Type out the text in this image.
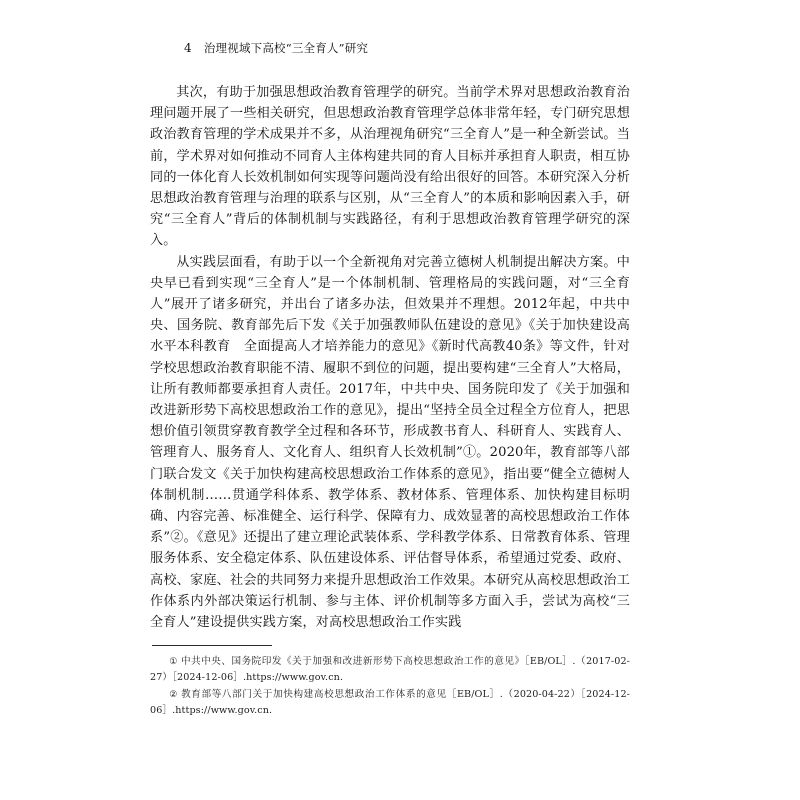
4 治理视域下高校“三全育人”研究

其次，有助于加强思想政治教育管理学的研究。当前学术界对思想政治教育治理问题开展了一些相关研究，但思想政治教育管理学总体非常年轻，专门研究思想政治教育管理的学术成果并不多，从治理视角研究“三全育人”是一种全新尝试。当前，学术界对如何推动不同育人主体构建共同的育人目标并承担育人职责，相互协同的一体化育人长效机制如何实现等问题尚没有给出很好的回答。本研究深入分析思想政治教育管理与治理的联系与区别，从“三全育人”的本质和影响因素入手，研究“三全育人”背后的体制机制与实践路径，有利于思想政治教育管理学研究的深入。

从实践层面看，有助于以一个全新视角对完善立德树人机制提出解决方案。中央早已看到实现“三全育人”是一个体制机制、管理格局的实践问题，对“三全育人”展开了诸多研究，并出台了诸多办法，但效果并不理想。2012年起，中共中央、国务院、教育部先后下发《关于加强教师队伍建设的意见》《关于加快建设高水平本科教育　全面提高人才培养能力的意见》《新时代高教40条》等文件，针对学校思想政治教育职能不清、履职不到位的问题，提出要构建“三全育人”大格局，让所有教师都要承担育人责任。2017年，中共中央、国务院印发了《关于加强和改进新形势下高校思想政治工作的意见》，提出“坚持全员全过程全方位育人，把思想价值引领贯穿教育教学全过程和各环节，形成教书育人、科研育人、实践育人、管理育人、服务育人、文化育人、组织育人长效机制”①。2020年，教育部等八部门联合发文《关于加快构建高校思想政治工作体系的意见》，指出要“健全立德树人体制机制……贯通学科体系、教学体系、教材体系、管理体系、加快构建目标明确、内容完善、标准健全、运行科学、保障有力、成效显著的高校思想政治工作体系”②。《意见》还提出了建立理论武装体系、学科教学体系、日常教育体系、管理服务体系、安全稳定体系、队伍建设体系、评估督导体系，希望通过党委、政府、高校、家庭、社会的共同努力来提升思想政治工作效果。本研究从高校思想政治工作体系内外部决策运行机制、参与主体、评价机制等多方面入手，尝试为高校“三全育人”建设提供实践方案，对高校思想政治工作实践

① 中共中央、国务院印发《关于加强和改进新形势下高校思想政治工作的意见》［EB/OL］.（2017-02-27）［2024-12-06］.https://www.gov.cn.
② 教育部等八部门关于加快构建高校思想政治工作体系的意见［EB/OL］.（2020-04-22）［2024-12-06］.https://www.gov.cn.
